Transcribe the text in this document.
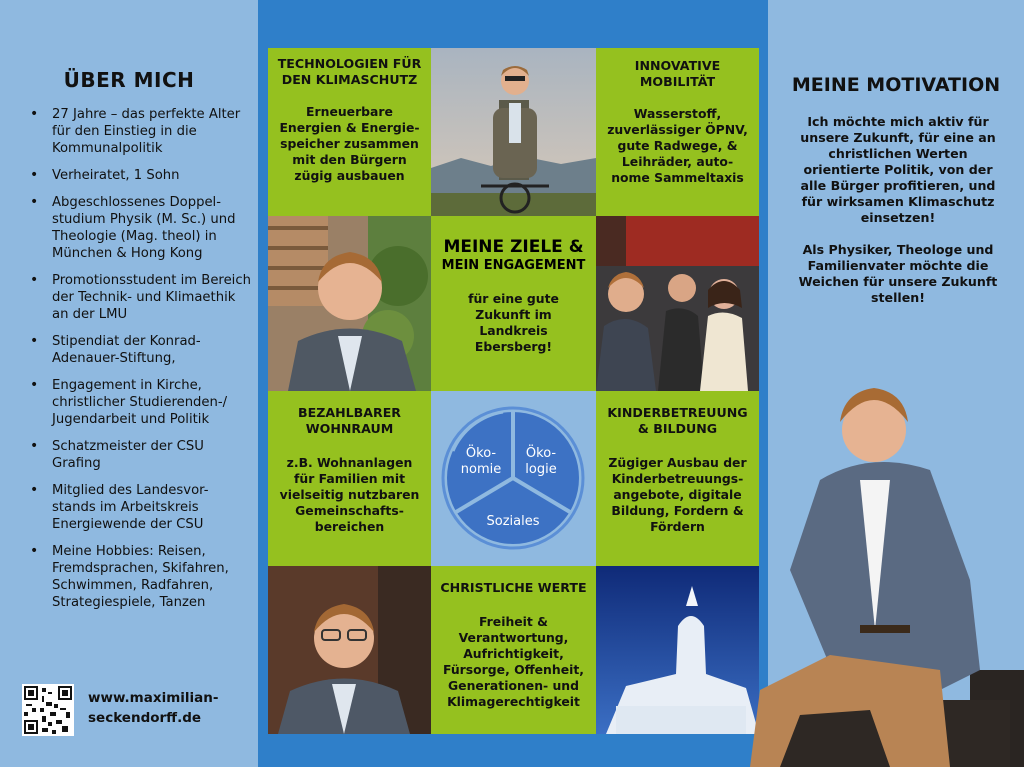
ÜBER MICH
• 27 Jahre – das perfekte Alter für den Einstieg in die Kommunalpolitik
• Verheiratet, 1 Sohn
• Abgeschlossenes Doppel-studium Physik (M. Sc.) und Theologie (Mag. theol) in München & Hong Kong
• Promotionsstudent im Bereich der Technik- und Klimaethik an der LMU
• Stipendiat der Konrad-Adenauer-Stiftung,
• Engagement in Kirche, christlicher Studierenden-/ Jugendarbeit und Politik
• Schatzmeister der CSU Grafing
• Mitglied des Landesvor-stands im Arbeitskreis Energiewende der CSU
• Meine Hobbies: Reisen, Fremdsprachen, Skifahren, Schwimmen, Radfahren, Strategiespiele, Tanzen
www.maximilian-
seckendorff.de
TECHNOLOGIEN FÜR DEN KLIMASCHUTZ
Erneuerbare Energien & Energie-speicher zusammen mit den Bürgern zügig ausbauen
INNOVATIVE MOBILITÄT
Wasserstoff, zuverlässiger ÖPNV, gute Radwege, & Leihräder, auto-nome Sammeltaxis
MEINE ZIELE &
MEIN ENGAGEMENT
für eine gute Zukunft im Landkreis Ebersberg!
BEZAHLBARER WOHNRAUM
z.B. Wohnanlagen für Familien mit vielseitig nutzbaren Gemeinschafts-bereichen
Öko-
nomie
Öko-
logie
Soziales
KINDERBETREUUNG & BILDUNG
Zügiger Ausbau der Kinderbetreuungs-angebote, digitale Bildung, Fordern & Fördern
CHRISTLICHE WERTE
Freiheit & Verantwortung, Aufrichtigkeit, Fürsorge, Offenheit, Generationen- und Klimagerechtigkeit
MEINE MOTIVATION

Ich möchte mich aktiv für unsere Zukunft, für eine an christlichen Werten orientierte Politik, von der alle Bürger profitieren, und für wirksamen Klimaschutz einsetzen!

Als Physiker, Theologe und Familienvater möchte die Weichen für unsere Zukunft stellen!
